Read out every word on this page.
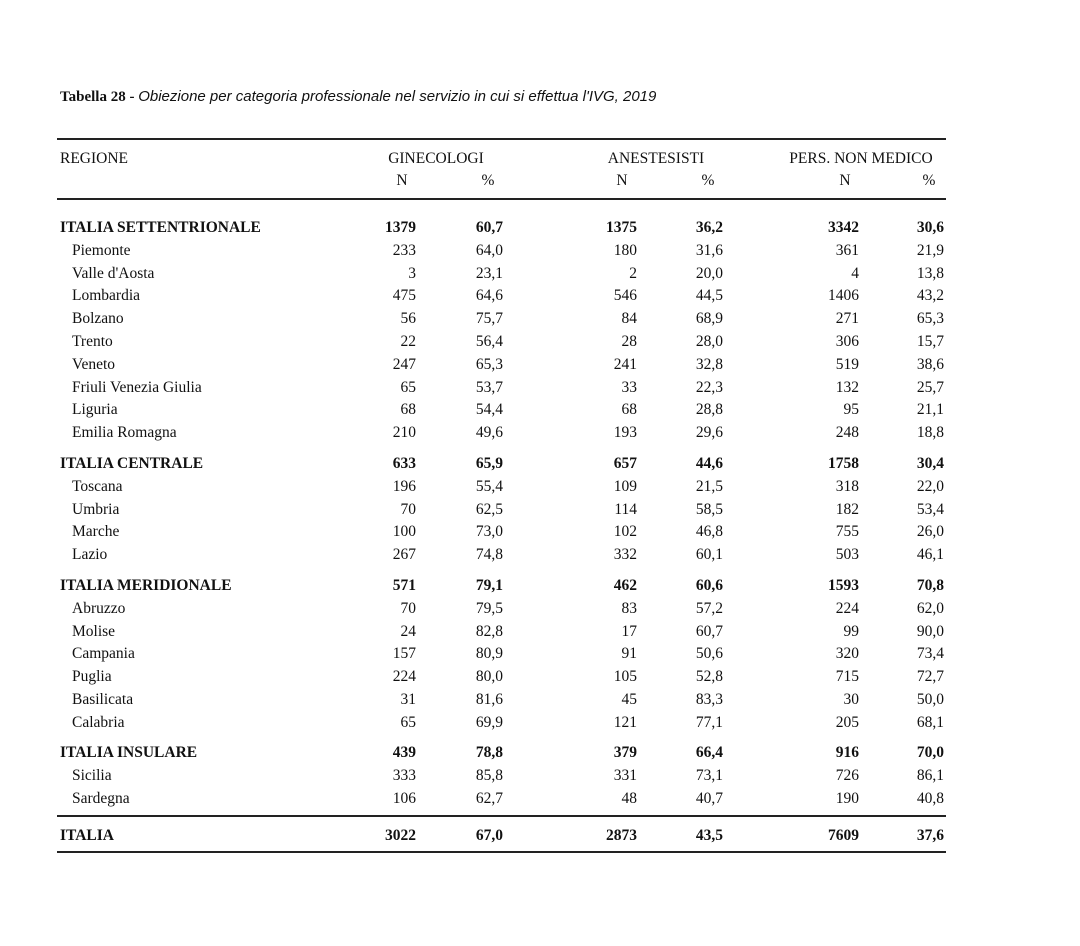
Tabella 28 - Obiezione per categoria professionale nel servizio in cui si effettua l'IVG, 2019
REGIONE	GINECOLOGI	ANESTESISTI	PERS. NON MEDICO
N	%	N	%	N	%
ITALIA SETTENTRIONALE	1379	60,7	1375	36,2	3342	30,6
Piemonte	233	64,0	180	31,6	361	21,9
Valle d'Aosta	3	23,1	2	20,0	4	13,8
Lombardia	475	64,6	546	44,5	1406	43,2
Bolzano	56	75,7	84	68,9	271	65,3
Trento	22	56,4	28	28,0	306	15,7
Veneto	247	65,3	241	32,8	519	38,6
Friuli Venezia Giulia	65	53,7	33	22,3	132	25,7
Liguria	68	54,4	68	28,8	95	21,1
Emilia Romagna	210	49,6	193	29,6	248	18,8
ITALIA CENTRALE	633	65,9	657	44,6	1758	30,4
Toscana	196	55,4	109	21,5	318	22,0
Umbria	70	62,5	114	58,5	182	53,4
Marche	100	73,0	102	46,8	755	26,0
Lazio	267	74,8	332	60,1	503	46,1
ITALIA MERIDIONALE	571	79,1	462	60,6	1593	70,8
Abruzzo	70	79,5	83	57,2	224	62,0
Molise	24	82,8	17	60,7	99	90,0
Campania	157	80,9	91	50,6	320	73,4
Puglia	224	80,0	105	52,8	715	72,7
Basilicata	31	81,6	45	83,3	30	50,0
Calabria	65	69,9	121	77,1	205	68,1
ITALIA INSULARE	439	78,8	379	66,4	916	70,0
Sicilia	333	85,8	331	73,1	726	86,1
Sardegna	106	62,7	48	40,7	190	40,8
ITALIA	3022	67,0	2873	43,5	7609	37,6
